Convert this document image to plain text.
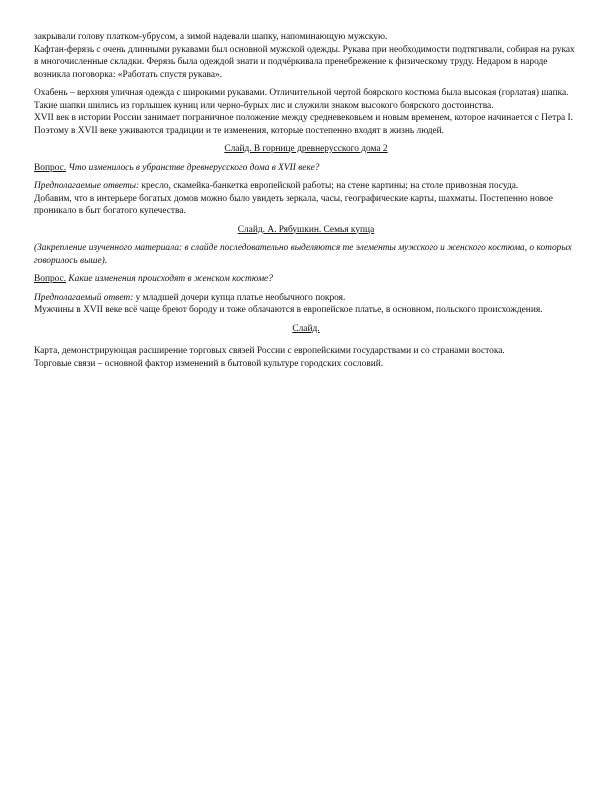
закрывали голову платком-убрусом, а зимой надевали шапку, напоминающую мужскую.

Кафтан-ферязь с очень длинными рукавами был основной мужской одежды. Рукава при необходимости подтягивали, собирая на руках в многочисленные складки. Ферязь была одеждой знати и подчёркивала пренебрежение к физическому труду. Недаром в народе возникла поговорка: «Работать спустя рукава».

Охабень – верхняя уличная одежда с широкими рукавами. Отличительной чертой боярского костюма была высокая (горлатая) шапка. Такие шапки шились из горлышек куниц или черно-бурых лис и служили знаком высокого боярского достоинства.

XVII век в истории России занимает пограничное положение между средневековьем и новым временем, которое начинается с Петра I. Поэтому в XVII веке уживаются традиции и те изменения, которые постепенно входят в жизнь людей.

Слайд. В горнице древнерусского дома 2

Вопрос. Что изменилось в убранстве древнерусского дома в XVII веке?

Предполагаемые ответы: кресло, скамейка-банкетка европейской работы; на стене картины; на столе привозная посуда.

Добавим, что в интерьере богатых домов можно было увидеть зеркала, часы, географические карты, шахматы. Постепенно новое проникало в быт богатого купечества.

Слайд. А. Рябушкин. Семья купца

(Закрепление изученного материала: в слайде последовательно выделяются те элементы мужского и женского костюма, о которых говорилось выше).

Вопрос. Какие изменения происходят в женском костюме?

Предполагаемый ответ: у младшей дочери купца платье необычного покроя.

Мужчины в XVII веке всё чаще бреют бороду и тоже облачаются в европейское платье, в основном, польского происхождения.

Слайд.

Карта, демонстрирующая расширение торговых связей России с европейскими государствами и со странами востока.

Торговые связи – основной фактор изменений в бытовой культуре городских сословий.
